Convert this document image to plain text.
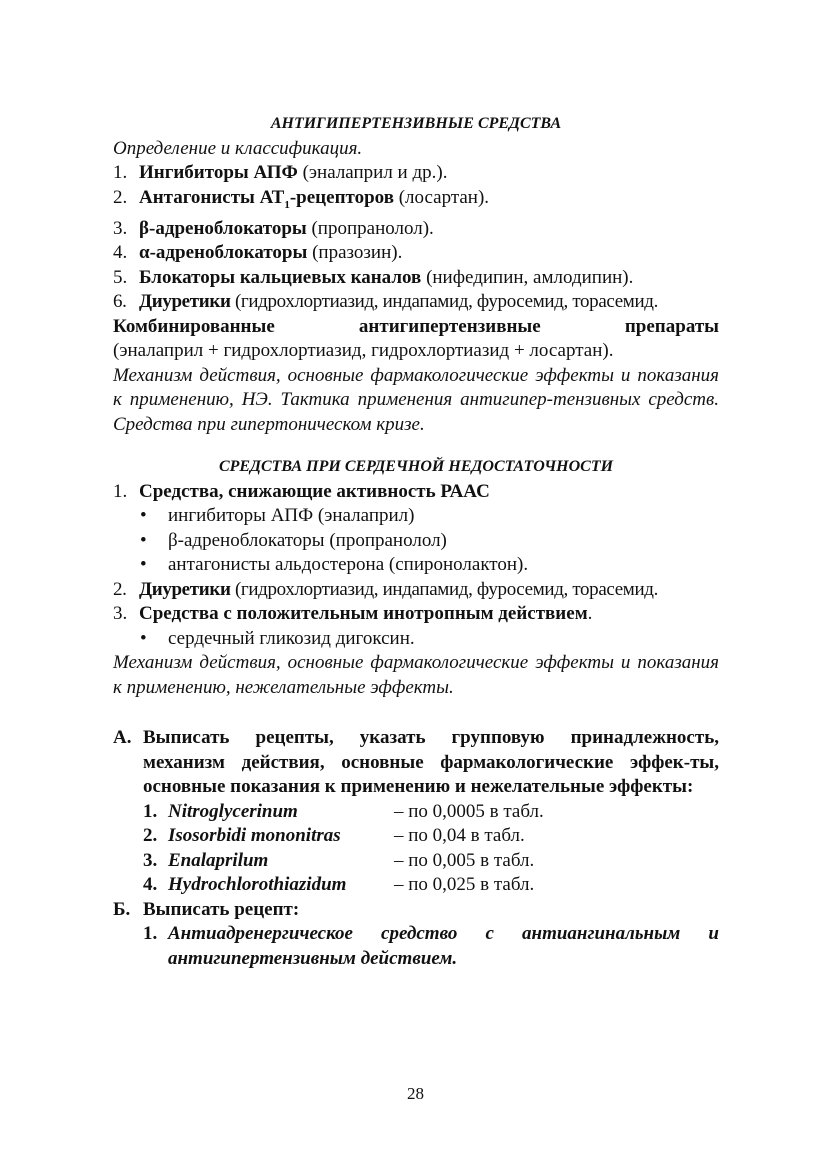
АНТИГИПЕРТЕНЗИВНЫЕ СРЕДСТВА
Определение и классификация.
1. Ингибиторы АПФ (эналаприл и др.).
2. Антагонисты $АТ_1$-рецепторов (лосартан).
3. β-адреноблокаторы (пропранолол).
4. α-адреноблокаторы (празозин).
5. Блокаторы кальциевых каналов (нифедипин, амлодипин).
6. Диуретики (гидрохлортиазид, индапамид, фуросемид, торасемид.
Комбинированные антигипертензивные препараты
(эналаприл + гидрохлортиазид, гидрохлортиазид + лосартан).
Механизм действия, основные фармакологические эффекты и показания к применению, НЭ. Тактика применения антигипер-тензивных средств. Средства при гипертоническом кризе.
СРЕДСТВА ПРИ СЕРДЕЧНОЙ НЕДОСТАТОЧНОСТИ
1. Средства, снижающие активность РААС
• ингибиторы АПФ (эналаприл)
• β-адреноблокаторы (пропранолол)
• антагонисты альдостерона (спиронолактон).
2. Диуретики (гидрохлортиазид, индапамид, фуросемид, торасемид.
3. Средства с положительным инотропным действием.
• сердечный гликозид дигоксин.
Механизм действия, основные фармакологические эффекты и показания к применению, нежелательные эффекты.
А. Выписать рецепты, указать групповую принадлежность, механизм действия, основные фармакологические эффек-ты, основные показания к применению и нежелательные эффекты:
1. Nitroglycerinum	– по 0,0005 в табл.
2. Isosorbidi mononitras	– по 0,04 в табл.
3. Enalaprilum	– по 0,005 в табл.
4. Hydrochlorothiazidum	– по 0,025 в табл.
Б. Выписать рецепт:
1. Антиадренергическое средство с антиангинальным и антигипертензивным действием.
28
